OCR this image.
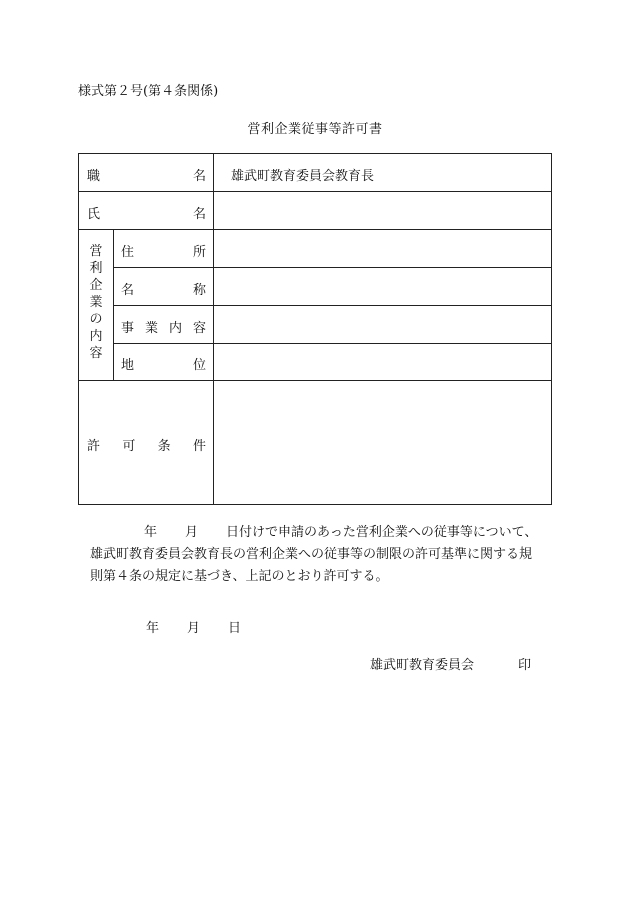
様式第２号(第４条関係)
営利企業従事等許可書
職	名 雄武町教育委員会教育長
氏	名
営
利
企
業
の
内
容
住	所
名	称
事 業 内 容
地	位
許 可 条 件
年 月 日付けで申請のあった営利企業への従事等について、
雄武町教育委員会教育長の営利企業への従事等の制限の許可基準に関する規
則第４条の規定に基づき、上記のとおり許可する。
年 月 日
雄武町教育委員会	印
